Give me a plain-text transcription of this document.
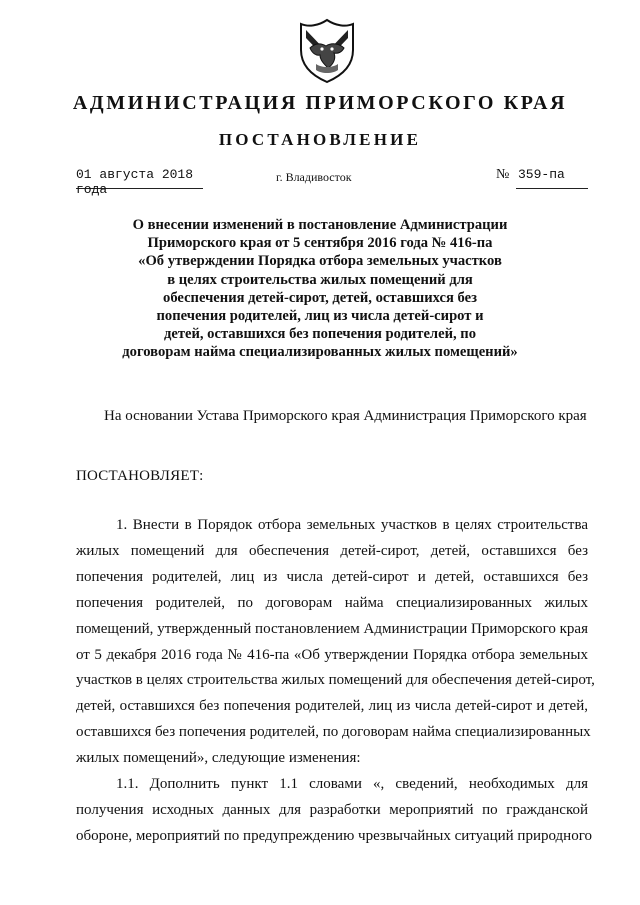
АДМИНИСТРАЦИЯ ПРИМОРСКОГО КРАЯ
ПОСТАНОВЛЕНИЕ
01 августа 2018 года
г. Владивосток	№ 359-па
О внесении изменений в постановление Администрации
Приморского края от 5 сентября 2016 года № 416-па
«Об утверждении Порядка отбора земельных участков
в целях строительства жилых помещений для
обеспечения детей-сирот, детей, оставшихся без
попечения родителей, лиц из числа детей-сирот и
детей, оставшихся без попечения родителей, по
договорам найма специализированных жилых помещений»

На основании Устава Приморского края Администрация Приморского края

ПОСТАНОВЛЯЕТ:

1. Внести в Порядок отбора земельных участков в целях строительства
жилых помещений для обеспечения детей-сирот, детей, оставшихся без
попечения родителей, лиц из числа детей-сирот и детей, оставшихся без
попечения родителей, по договорам найма специализированных жилых
помещений, утвержденный постановлением Администрации Приморского края
от 5 декабря 2016 года № 416-па «Об утверждении Порядка отбора земельных
участков в целях строительства жилых помещений для обеспечения детей-сирот,
детей, оставшихся без попечения родителей, лиц из числа детей-сирот и детей,
оставшихся без попечения родителей, по договорам найма специализированных
жилых помещений», следующие изменения:
1.1. Дополнить пункт 1.1 словами «, сведений, необходимых для
получения исходных данных для разработки мероприятий по гражданской
обороне, мероприятий по предупреждению чрезвычайных ситуаций природного
